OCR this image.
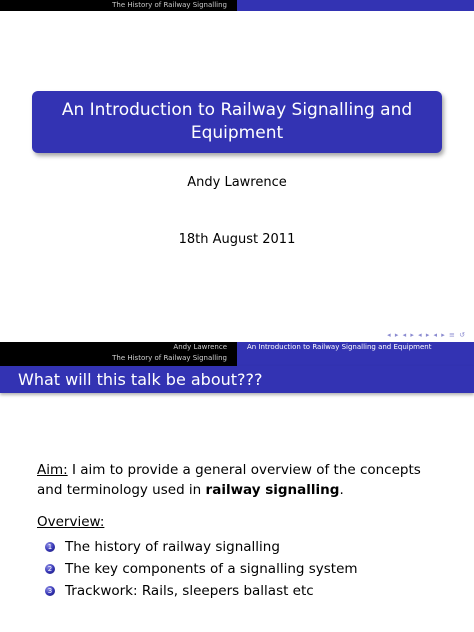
The History of Railway Signalling
An Introduction to Railway Signalling and Equipment
Andy Lawrence
18th August 2011
◂ ▸ ◂ ▸ ◂ ▸ ◂ ▸ ≡ ↺
Andy Lawrence
The History of Railway Signalling
An Introduction to Railway Signalling and Equipment
What will this talk be about???
Aim: I aim to provide a general overview of the concepts and terminology used in railway signalling.
Overview:
1 The history of railway signalling
2 The key components of a signalling system
3 Trackwork: Rails, sleepers ballast etc
